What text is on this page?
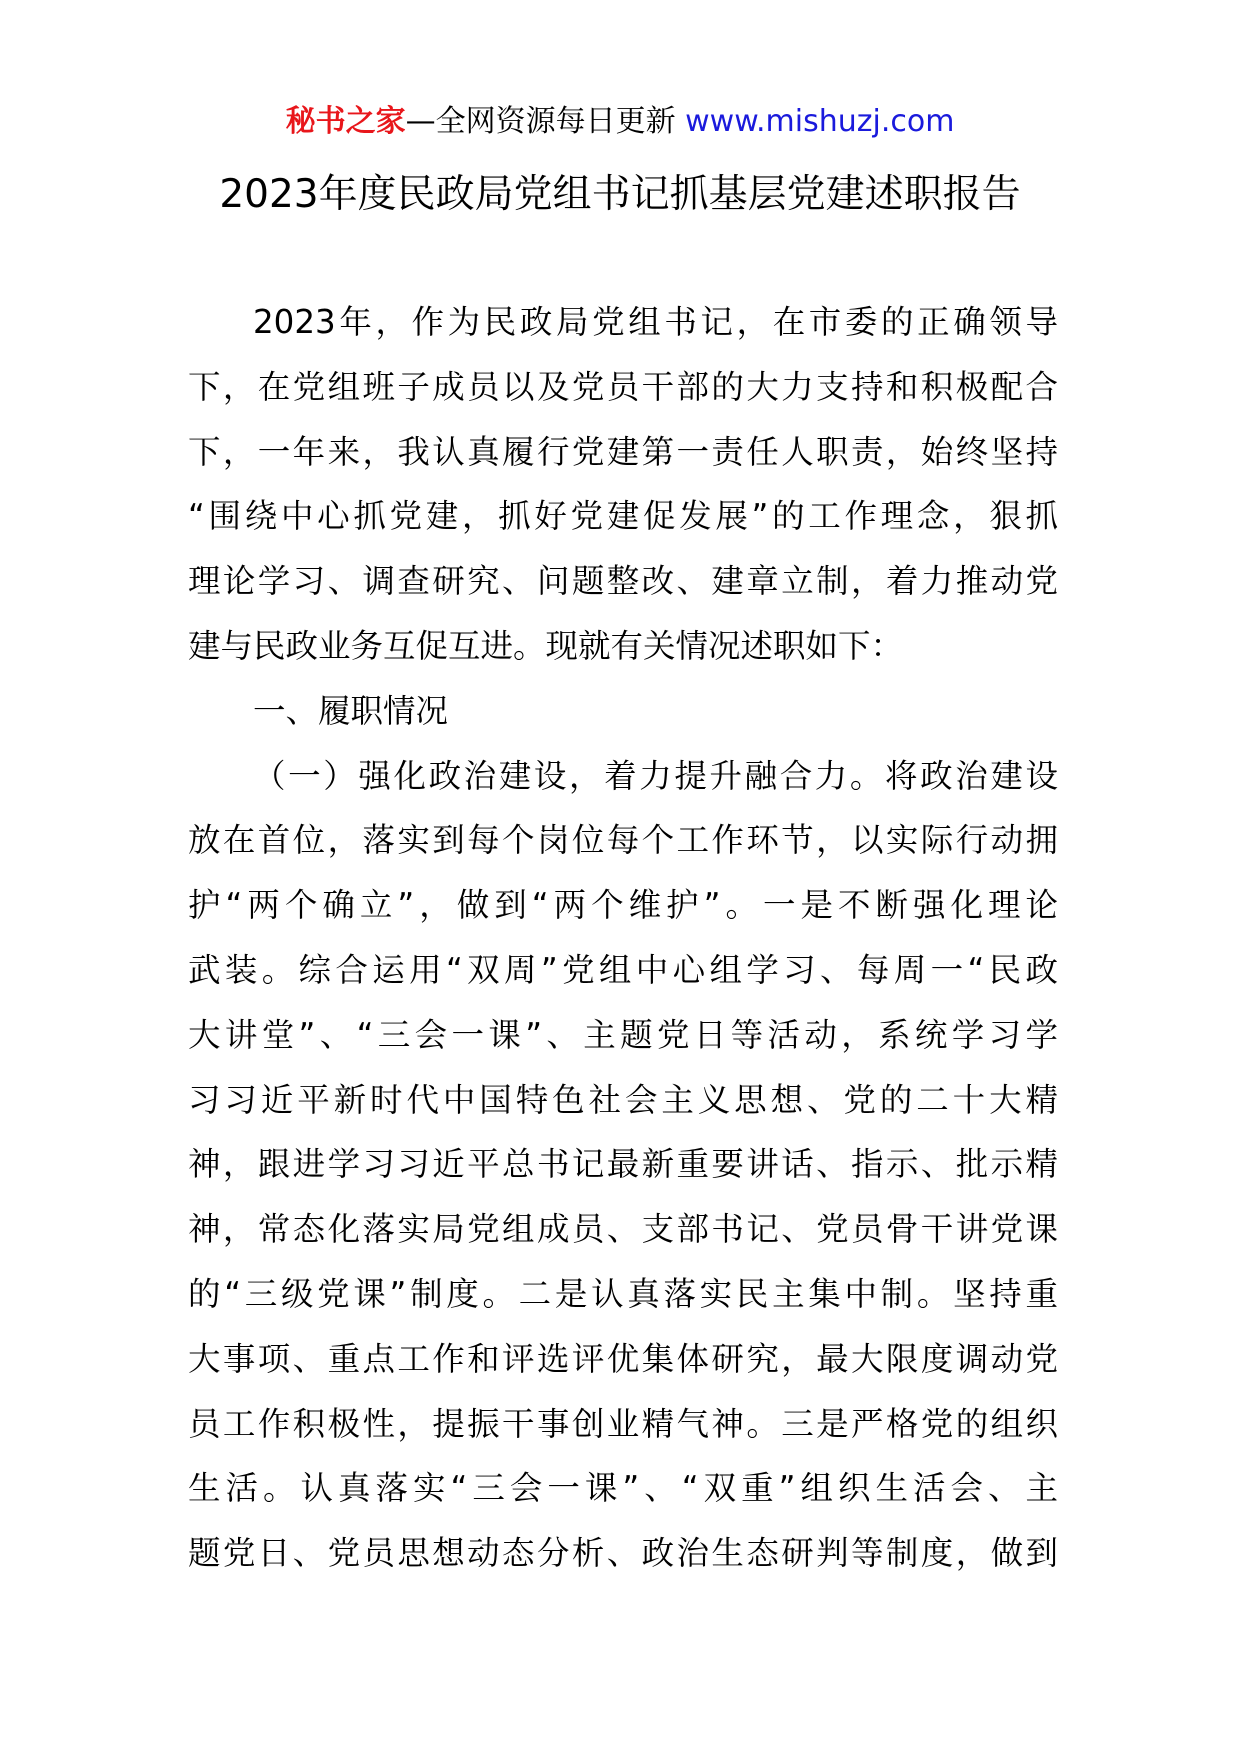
秘书之家—全网资源每日更新 www.mishuzj.com
2023年度民政局党组书记抓基层党建述职报告
2023年，作为民政局党组书记，在市委的正确领导
下，在党组班子成员以及党员干部的大力支持和积极配合
下，一年来，我认真履行党建第一责任人职责，始终坚持
“围绕中心抓党建，抓好党建促发展”的工作理念，狠抓
理论学习、调查研究、问题整改、建章立制，着力推动党
建与民政业务互促互进。现就有关情况述职如下：
一、履职情况
（一）强化政治建设，着力提升融合力。将政治建设
放在首位，落实到每个岗位每个工作环节，以实际行动拥
护“两个确立”，做到“两个维护”。一是不断强化理论
武装。综合运用“双周”党组中心组学习、每周一“民政
大讲堂”、“三会一课”、主题党日等活动，系统学习学
习习近平新时代中国特色社会主义思想、党的二十大精
神，跟进学习习近平总书记最新重要讲话、指示、批示精
神，常态化落实局党组成员、支部书记、党员骨干讲党课
的“三级党课”制度。二是认真落实民主集中制。坚持重
大事项、重点工作和评选评优集体研究，最大限度调动党
员工作积极性，提振干事创业精气神。三是严格党的组织
生活。认真落实“三会一课”、“双重”组织生活会、主
题党日、党员思想动态分析、政治生态研判等制度，做到
